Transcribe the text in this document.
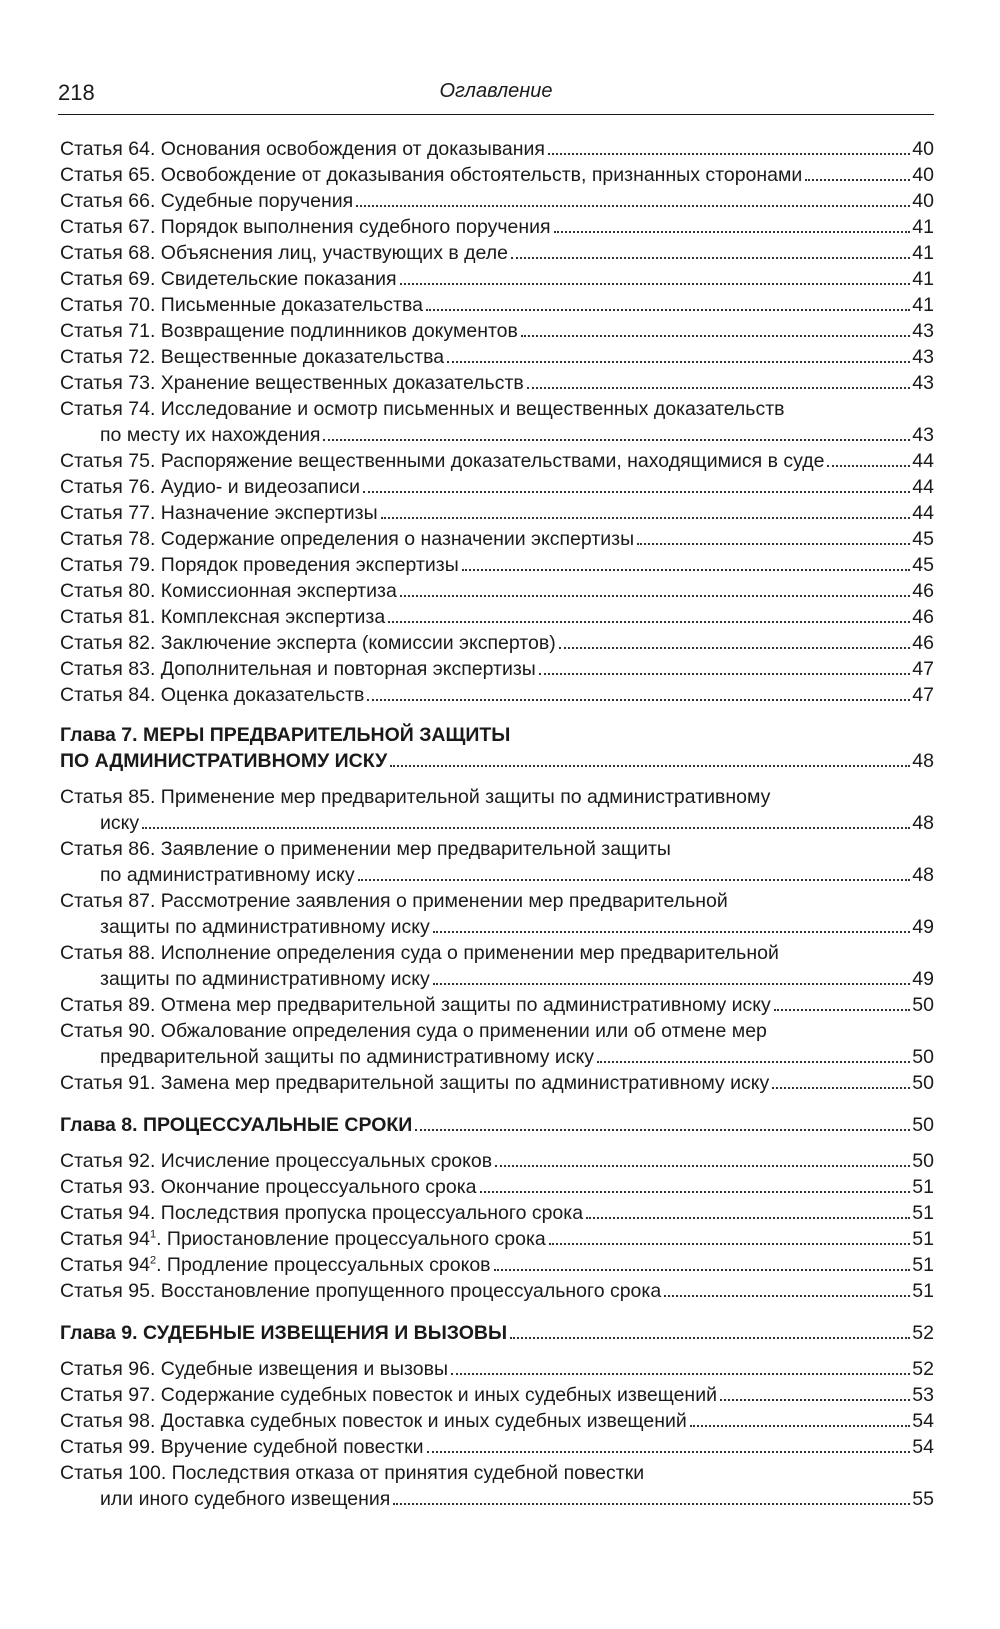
218	Оглавление
Статья 64. Основания освобождения от доказывания	40
Статья 65. Освобождение от доказывания обстоятельств, признанных сторонами	40
Статья 66. Судебные поручения	40
Статья 67. Порядок выполнения судебного поручения	41
Статья 68. Объяснения лиц, участвующих в деле	41
Статья 69. Свидетельские показания	41
Статья 70. Письменные доказательства	41
Статья 71. Возвращение подлинников документов	43
Статья 72. Вещественные доказательства	43
Статья 73. Хранение вещественных доказательств	43
Статья 74. Исследование и осмотр письменных и вещественных доказательств
по месту их нахождения	43
Статья 75. Распоряжение вещественными доказательствами, находящимися в суде	44
Статья 76. Аудио- и видеозаписи	44
Статья 77. Назначение экспертизы	44
Статья 78. Содержание определения о назначении экспертизы	45
Статья 79. Порядок проведения экспертизы	45
Статья 80. Комиссионная экспертиза	46
Статья 81. Комплексная экспертиза	46
Статья 82. Заключение эксперта (комиссии экспертов)	46
Статья 83. Дополнительная и повторная экспертизы	47
Статья 84. Оценка доказательств	47
Глава 7. МЕРЫ ПРЕДВАРИТЕЛЬНОЙ ЗАЩИТЫ
ПО АДМИНИСТРАТИВНОМУ ИСКУ	48
Статья 85. Применение мер предварительной защиты по административному
иску	48
Статья 86. Заявление о применении мер предварительной защиты
по административному иску	48
Статья 87. Рассмотрение заявления о применении мер предварительной
защиты по административному иску	49
Статья 88. Исполнение определения суда о применении мер предварительной
защиты по административному иску	49
Статья 89. Отмена мер предварительной защиты по административному иску	50
Статья 90. Обжалование определения суда о применении или об отмене мер
предварительной защиты по административному иску	50
Статья 91. Замена мер предварительной защиты по административному иску	50
Глава 8. ПРОЦЕССУАЛЬНЫЕ СРОКИ	50
Статья 92. Исчисление процессуальных сроков	50
Статья 93. Окончание процессуального срока	51
Статья 94. Последствия пропуска процессуального срока	51
Статья $94^1$. Приостановление процессуального срока	51
Статья $94^2$. Продление процессуальных сроков	51
Статья 95. Восстановление пропущенного процессуального срока	51
Глава 9. СУДЕБНЫЕ ИЗВЕЩЕНИЯ И ВЫЗОВЫ	52
Статья 96. Судебные извещения и вызовы	52
Статья 97. Содержание судебных повесток и иных судебных извещений	53
Статья 98. Доставка судебных повесток и иных судебных извещений	54
Статья 99. Вручение судебной повестки	54
Статья 100. Последствия отказа от принятия судебной повестки
или иного судебного извещения	55
